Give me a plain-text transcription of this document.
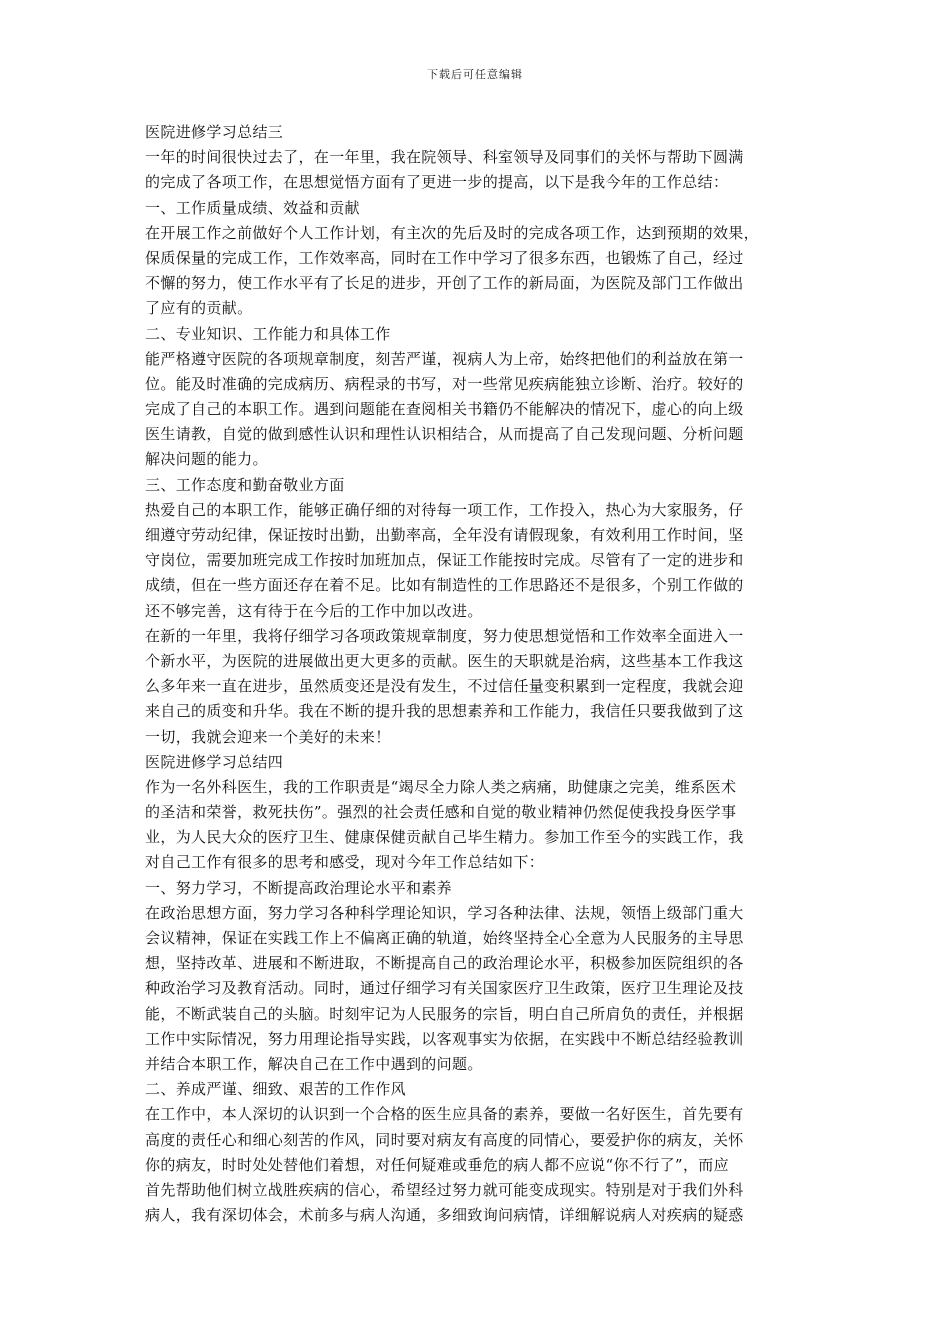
下载后可任意编辑
医院进修学习总结三
一年的时间很快过去了，在一年里，我在院领导、科室领导及同事们的关怀与帮助下圆满
的完成了各项工作，在思想觉悟方面有了更进一步的提高，以下是我今年的工作总结：
一、工作质量成绩、效益和贡献
在开展工作之前做好个人工作计划，有主次的先后及时的完成各项工作，达到预期的效果，
保质保量的完成工作，工作效率高，同时在工作中学习了很多东西，也锻炼了自己，经过
不懈的努力，使工作水平有了长足的进步，开创了工作的新局面，为医院及部门工作做出
了应有的贡献。
二、专业知识、工作能力和具体工作
能严格遵守医院的各项规章制度，刻苦严谨，视病人为上帝，始终把他们的利益放在第一
位。能及时准确的完成病历、病程录的书写，对一些常见疾病能独立诊断、治疗。较好的
完成了自己的本职工作。遇到问题能在查阅相关书籍仍不能解决的情况下，虚心的向上级
医生请教，自觉的做到感性认识和理性认识相结合，从而提高了自己发现问题、分析问题
解决问题的能力。
三、工作态度和勤奋敬业方面
热爱自己的本职工作，能够正确仔细的对待每一项工作，工作投入，热心为大家服务，仔
细遵守劳动纪律，保证按时出勤，出勤率高，全年没有请假现象，有效利用工作时间，坚
守岗位，需要加班完成工作按时加班加点，保证工作能按时完成。尽管有了一定的进步和
成绩，但在一些方面还存在着不足。比如有制造性的工作思路还不是很多，个别工作做的
还不够完善，这有待于在今后的工作中加以改进。
在新的一年里，我将仔细学习各项政策规章制度，努力使思想觉悟和工作效率全面进入一
个新水平，为医院的进展做出更大更多的贡献。医生的天职就是治病，这些基本工作我这
么多年来一直在进步，虽然质变还是没有发生，不过信任量变积累到一定程度，我就会迎
来自己的质变和升华。我在不断的提升我的思想素养和工作能力，我信任只要我做到了这
一切，我就会迎来一个美好的未来！
医院进修学习总结四
作为一名外科医生，我的工作职责是“竭尽全力除人类之病痛，助健康之完美，维系医术
的圣洁和荣誉，救死扶伤”。强烈的社会责任感和自觉的敬业精神仍然促使我投身医学事
业，为人民大众的医疗卫生、健康保健贡献自己毕生精力。参加工作至今的实践工作，我
对自己工作有很多的思考和感受，现对今年工作总结如下：
一、努力学习，不断提高政治理论水平和素养
在政治思想方面，努力学习各种科学理论知识，学习各种法律、法规，领悟上级部门重大
会议精神，保证在实践工作上不偏离正确的轨道，始终坚持全心全意为人民服务的主导思
想，坚持改革、进展和不断进取，不断提高自己的政治理论水平，积极参加医院组织的各
种政治学习及教育活动。同时，通过仔细学习有关国家医疗卫生政策，医疗卫生理论及技
能，不断武装自己的头脑。时刻牢记为人民服务的宗旨，明白自己所肩负的责任，并根据
工作中实际情况，努力用理论指导实践，以客观事实为依据，在实践中不断总结经验教训
并结合本职工作，解决自己在工作中遇到的问题。
二、养成严谨、细致、艰苦的工作作风
在工作中，本人深切的认识到一个合格的医生应具备的素养，要做一名好医生，首先要有
高度的责任心和细心刻苦的作风，同时要对病友有高度的同情心，要爱护你的病友，关怀
你的病友，时时处处替他们着想，对任何疑难或垂危的病人都不应说“你不行了”，而应
首先帮助他们树立战胜疾病的信心，希望经过努力就可能变成现实。特别是对于我们外科
病人，我有深切体会，术前多与病人沟通，多细致询问病情，详细解说病人对疾病的疑惑
